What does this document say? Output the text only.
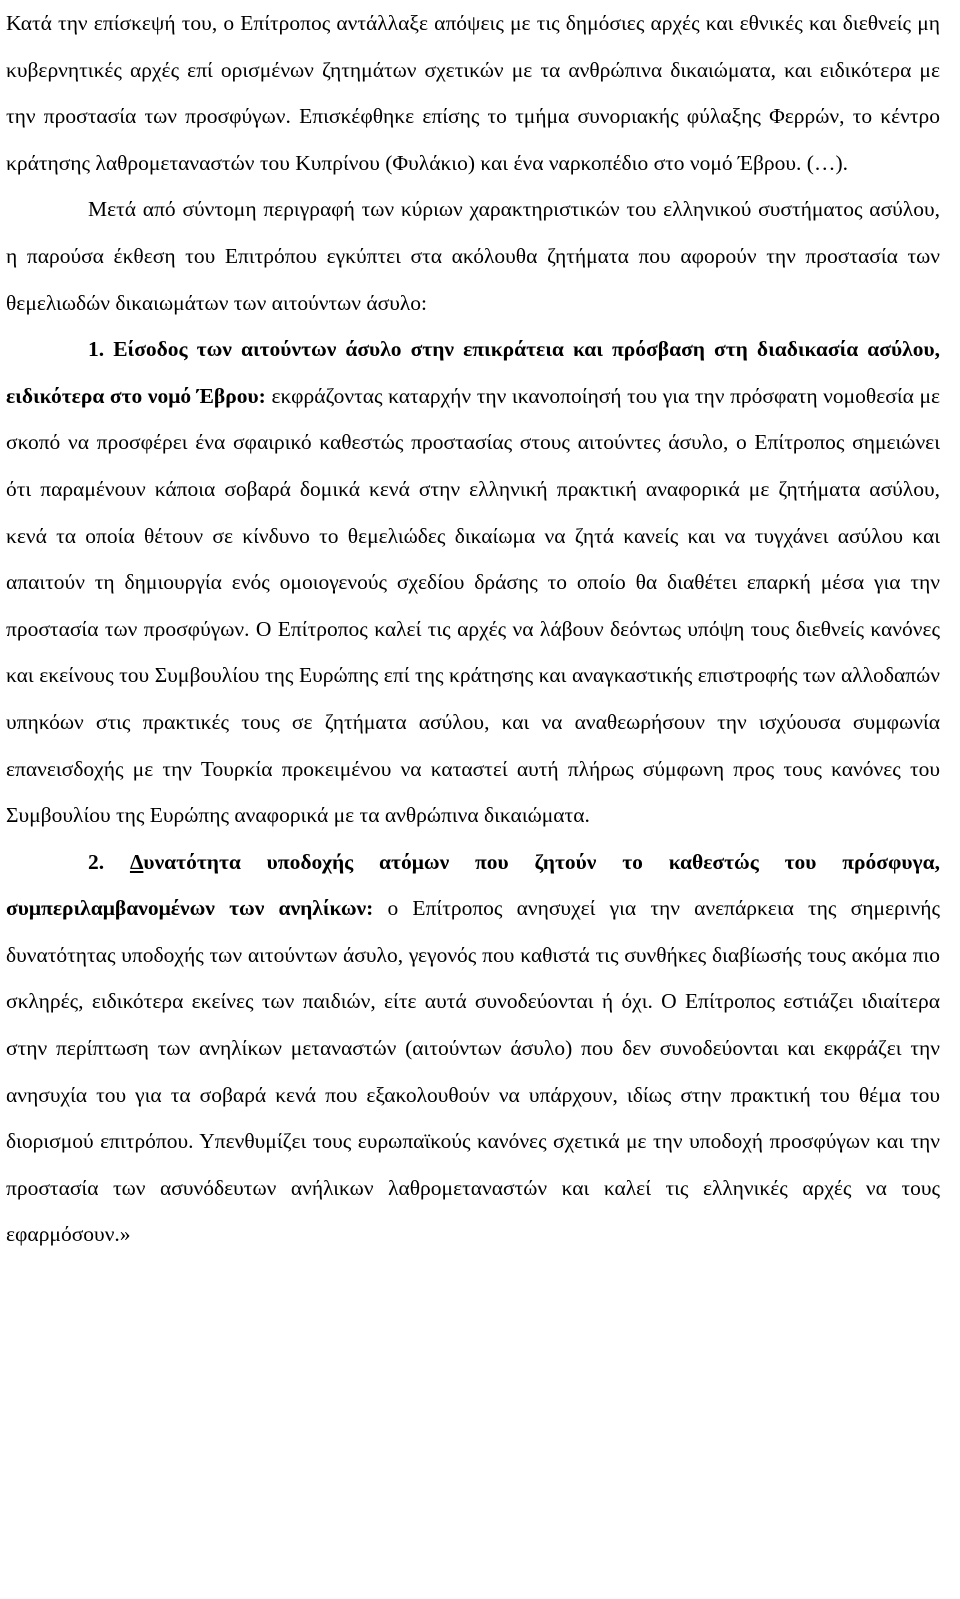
Κατά την επίσκεψή του, ο Επίτροπος αντάλλαξε απόψεις με τις δημόσιες αρχές και εθνικές και διεθνείς μη κυβερνητικές αρχές επί ορισμένων ζητημάτων σχετικών με τα ανθρώπινα δικαιώματα, και ειδικότερα με την προστασία των προσφύγων. Επισκέφθηκε επίσης το τμήμα συνοριακής φύλαξης Φερρών, το κέντρο κράτησης λαθρομεταναστών του Κυπρίνου (Φυλάκιο) και ένα ναρκοπέδιο στο νομό Έβρου. (…).

Μετά από σύντομη περιγραφή των κύριων χαρακτηριστικών του ελληνικού συστήματος ασύλου, η παρούσα έκθεση του Επιτρόπου εγκύπτει στα ακόλουθα ζητήματα που αφορούν την προστασία των θεμελιωδών δικαιωμάτων των αιτούντων άσυλο:

1. Είσοδος των αιτούντων άσυλο στην επικράτεια και πρόσβαση στη διαδικασία ασύλου, ειδικότερα στο νομό Έβρου: εκφράζοντας καταρχήν την ικανοποίησή του για την πρόσφατη νομοθεσία με σκοπό να προσφέρει ένα σφαιρικό καθεστώς προστασίας στους αιτούντες άσυλο, ο Επίτροπος σημειώνει ότι παραμένουν κάποια σοβαρά δομικά κενά στην ελληνική πρακτική αναφορικά με ζητήματα ασύλου, κενά τα οποία θέτουν σε κίνδυνο το θεμελιώδες δικαίωμα να ζητά κανείς και να τυγχάνει ασύλου και απαιτούν τη δημιουργία ενός ομοιογενούς σχεδίου δράσης το οποίο θα διαθέτει επαρκή μέσα για την προστασία των προσφύγων. Ο Επίτροπος καλεί τις αρχές να λάβουν δεόντως υπόψη τους διεθνείς κανόνες και εκείνους του Συμβουλίου της Ευρώπης επί της κράτησης και αναγκαστικής επιστροφής των αλλοδαπών υπηκόων στις πρακτικές τους σε ζητήματα ασύλου, και να αναθεωρήσουν την ισχύουσα συμφωνία επανεισδοχής με την Τουρκία προκειμένου να καταστεί αυτή πλήρως σύμφωνη προς τους κανόνες του Συμβουλίου της Ευρώπης αναφορικά με τα ανθρώπινα δικαιώματα.

2. Δυνατότητα υποδοχής ατόμων που ζητούν το καθεστώς του πρόσφυγα, συμπεριλαμβανομένων των ανηλίκων: ο Επίτροπος ανησυχεί για την ανεπάρκεια της σημερινής δυνατότητας υποδοχής των αιτούντων άσυλο, γεγονός που καθιστά τις συνθήκες διαβίωσής τους ακόμα πιο σκληρές, ειδικότερα εκείνες των παιδιών, είτε αυτά συνοδεύονται ή όχι. Ο Επίτροπος εστιάζει ιδιαίτερα στην περίπτωση των ανηλίκων μεταναστών (αιτούντων άσυλο) που δεν συνοδεύονται και εκφράζει την ανησυχία του για τα σοβαρά κενά που εξακολουθούν να υπάρχουν, ιδίως στην πρακτική του θέμα του διορισμού επιτρόπου. Υπενθυμίζει τους ευρωπαϊκούς κανόνες σχετικά με την υποδοχή προσφύγων και την προστασία των ασυνόδευτων ανήλικων λαθρομεταναστών και καλεί τις ελληνικές αρχές να τους εφαρμόσουν.»
